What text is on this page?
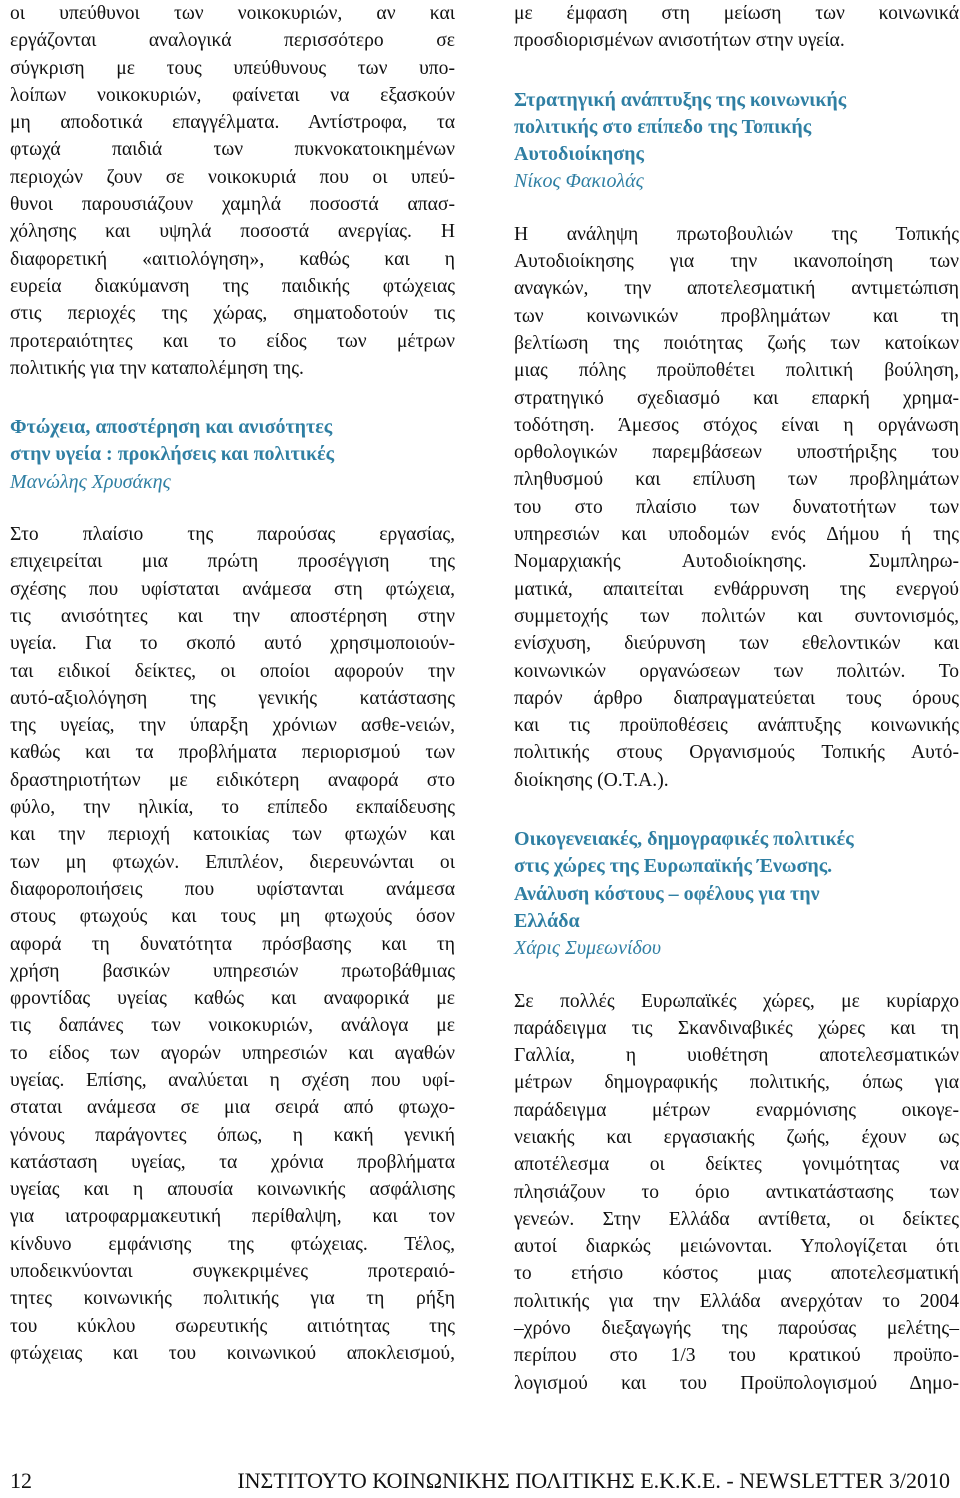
οι υπεύθυνοι των νοικοκυριών, αν και
εργάζονται αναλογικά περισσότερο σε
σύγκριση με τους υπεύθυνους των υπο-
λοίπων νοικοκυριών, φαίνεται να εξασκούν
μη αποδοτικά επαγγέλματα. Αντίστροφα, τα
φτωχά παιδιά των πυκνοκατοικημένων
περιοχών ζουν σε νοικοκυριά που οι υπεύ-
θυνοι παρουσιάζουν χαμηλά ποσοστά απασ-
χόλησης και υψηλά ποσοστά ανεργίας. Η
διαφορετική «αιτιολόγηση», καθώς και η
ευρεία διακύμανση της παιδικής φτώχειας
στις περιοχές της χώρας, σηματοδοτούν τις
προτεραιότητες και το είδος των μέτρων
πολιτικής για την καταπολέμηση της.

Φτώχεια, αποστέρηση και ανισότητες
στην υγεία : προκλήσεις και πολιτικές
Μανώλης Χρυσάκης

Στο πλαίσιο της παρούσας εργασίας,
επιχειρείται μια πρώτη προσέγγιση της
σχέσης που υφίσταται ανάμεσα στη φτώχεια,
τις ανισότητες και την αποστέρηση στην
υγεία. Για το σκοπό αυτό χρησιμοποιούν-
ται ειδικοί δείκτες, οι οποίοι αφορούν την
αυτό-αξιολόγηση της γενικής κατάστασης
της υγείας, την ύπαρξη χρόνιων ασθε-νειών,
καθώς και τα προβλήματα περιορισμού των
δραστηριοτήτων με ειδικότερη αναφορά στο
φύλο, την ηλικία, το επίπεδο εκπαίδευσης
και την περιοχή κατοικίας των φτωχών και
των μη φτωχών. Επιπλέον, διερευνώνται οι
διαφοροποιήσεις που υφίστανται ανάμεσα
στους φτωχούς και τους μη φτωχούς όσον
αφορά τη δυνατότητα πρόσβασης και τη
χρήση βασικών υπηρεσιών πρωτοβάθμιας
φροντίδας υγείας καθώς και αναφορικά με
τις δαπάνες των νοικοκυριών, ανάλογα με
το είδος των αγορών υπηρεσιών και αγαθών
υγείας. Επίσης, αναλύεται η σχέση που υφί-
σταται ανάμεσα σε μια σειρά από φτωχο-
γόνους παράγοντες όπως, η κακή γενική
κατάσταση υγείας, τα χρόνια προβλήματα
υγείας και η απουσία κοινωνικής ασφάλισης
για ιατροφαρμακευτική περίθαλψη, και τον
κίνδυνο εμφάνισης της φτώχειας. Τέλος,
υποδεικνύονται συγκεκριμένες προτεραιό-
τητες κοινωνικής πολιτικής για τη ρήξη
του κύκλου σωρευτικής αιτιότητας της
φτώχειας και του κοινωνικού αποκλεισμού,

με έμφαση στη μείωση των κοινωνικά
προσδιορισμένων ανισοτήτων στην υγεία.

Στρατηγική ανάπτυξης της κοινωνικής
πολιτικής στο επίπεδο της Τοπικής
Αυτοδιοίκησης
Νίκος Φακιολάς

Η ανάληψη πρωτοβουλιών της Τοπικής
Αυτοδιοίκησης για την ικανοποίηση των
αναγκών, την αποτελεσματική αντιμετώπιση
των κοινωνικών προβλημάτων και τη
βελτίωση της ποιότητας ζωής των κατοίκων
μιας πόλης προϋποθέτει πολιτική βούληση,
στρατηγικό σχεδιασμό και επαρκή χρημα-
τοδότηση. Άμεσος στόχος είναι η οργάνωση
ορθολογικών παρεμβάσεων υποστήριξης του
πληθυσμού και επίλυση των προβλημάτων
του στο πλαίσιο των δυνατοτήτων των
υπηρεσιών και υποδομών ενός Δήμου ή της
Νομαρχιακής Αυτοδιοίκησης. Συμπληρω-
ματικά, απαιτείται ενθάρρυνση της ενεργού
συμμετοχής των πολιτών και συντονισμός,
ενίσχυση, διεύρυνση των εθελοντικών και
κοινωνικών οργανώσεων των πολιτών. Το
παρόν άρθρο διαπραγματεύεται τους όρους
και τις προϋποθέσεις ανάπτυξης κοινωνικής
πολιτικής στους Οργανισμούς Τοπικής Αυτό-
διοίκησης (Ο.Τ.Α.).

Οικογενειακές, δημογραφικές πολιτικές
στις χώρες της Ευρωπαϊκής Ένωσης.
Ανάλυση κόστους – οφέλους για την
Ελλάδα
Χάρις Συμεωνίδου

Σε πολλές Ευρωπαϊκές χώρες, με κυρίαρχο
παράδειγμα τις Σκανδιναβικές χώρες και τη
Γαλλία, η υιοθέτηση αποτελεσματικών
μέτρων δημογραφικής πολιτικής, όπως για
παράδειγμα μέτρων εναρμόνισης οικογε-
νειακής και εργασιακής ζωής, έχουν ως
αποτέλεσμα οι δείκτες γονιμότητας να
πλησιάζουν το όριο αντικατάστασης των
γενεών. Στην Ελλάδα αντίθετα, οι δείκτες
αυτοί διαρκώς μειώνονται. Υπολογίζεται ότι
το ετήσιο κόστος μιας αποτελεσματική
πολιτικής για την Ελλάδα ανερχόταν το 2004
–χρόνο διεξαγωγής της παρούσας μελέτης–
περίπου στο 1/3 του κρατικού προϋπο-
λογισμού και του Προϋπολογισμού Δημο-

12	ΙΝΣΤΙΤΟΥΤΟ ΚΟΙΝΩΝΙΚΗΣ ΠΟΛΙΤΙΚΗΣ Ε.Κ.Κ.Ε. - NEWSLETTER 3/2010
